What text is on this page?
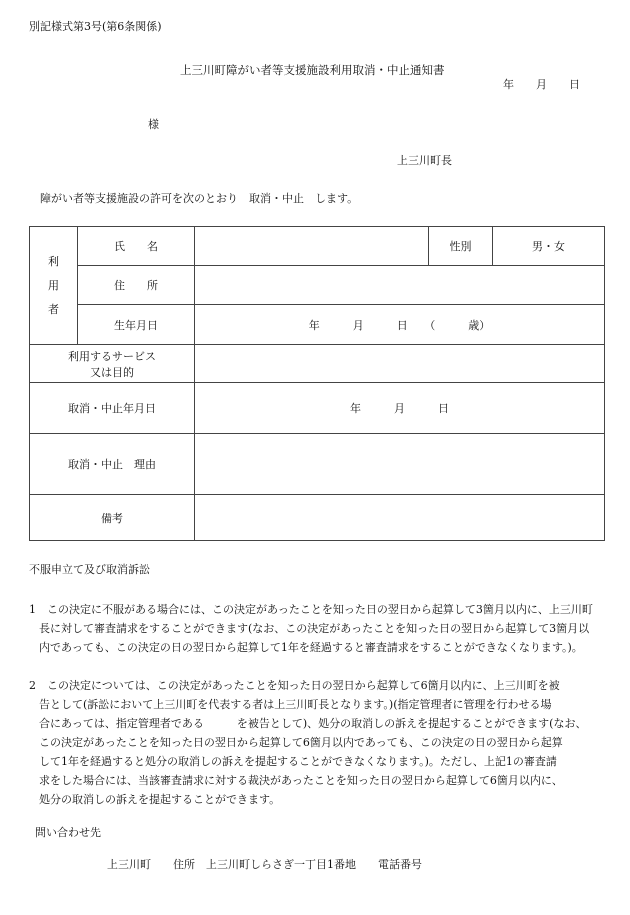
別記様式第3号(第6条関係)
上三川町障がい者等支援施設利用取消・中止通知書
年　　月　　日
様
上三川町長
障がい者等支援施設の許可を次のとおり　取消・中止　します。
利
用
者	氏　　名		性別	男・女
	住　　所			
	生年月日	年　　　月　　　日　　（　　　歳）		

利用するサービス
又は目的				

取消・中止年月日		年　　　月　　　日		
取消・中止　理由				
備考				
不服申立て及び取消訴訟
1 この決定に不服がある場合には、この決定があったことを知った日の翌日から起算して3箇月以内に、上三川町
長に対して審査請求をすることができます(なお、この決定があったことを知った日の翌日から起算して3箇月以
内であっても、この決定の日の翌日から起算して1年を経過すると審査請求をすることができなくなります。)。
2 この決定については、この決定があったことを知った日の翌日から起算して6箇月以内に、上三川町を被
告として(訴訟において上三川町を代表する者は上三川町長となります。)(指定管理者に管理を行わせる場
合にあっては、指定管理者である　　　を被告として)、処分の取消しの訴えを提起することができます(なお、
この決定があったことを知った日の翌日から起算して6箇月以内であっても、この決定の日の翌日から起算
して1年を経過すると処分の取消しの訴えを提起することができなくなります。)。ただし、上記1の審査請
求をした場合には、当該審査請求に対する裁決があったことを知った日の翌日から起算して6箇月以内に、
処分の取消しの訴えを提起することができます。
問い合わせ先
上三川町　　住所　上三川町しらさぎ一丁目1番地　　電話番号
